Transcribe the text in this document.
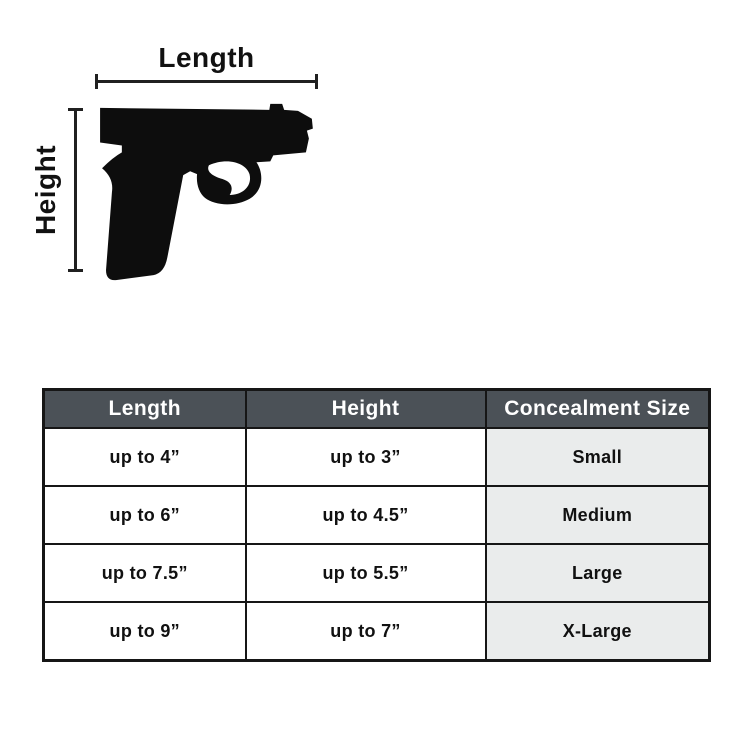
Length
Height
Length	Height	Concealment Size
up to 4”	up to 3”	Small
up to 6”	up to 4.5”	Medium
up to 7.5”	up to 5.5”	Large
up to 9”	up to 7”	X-Large
